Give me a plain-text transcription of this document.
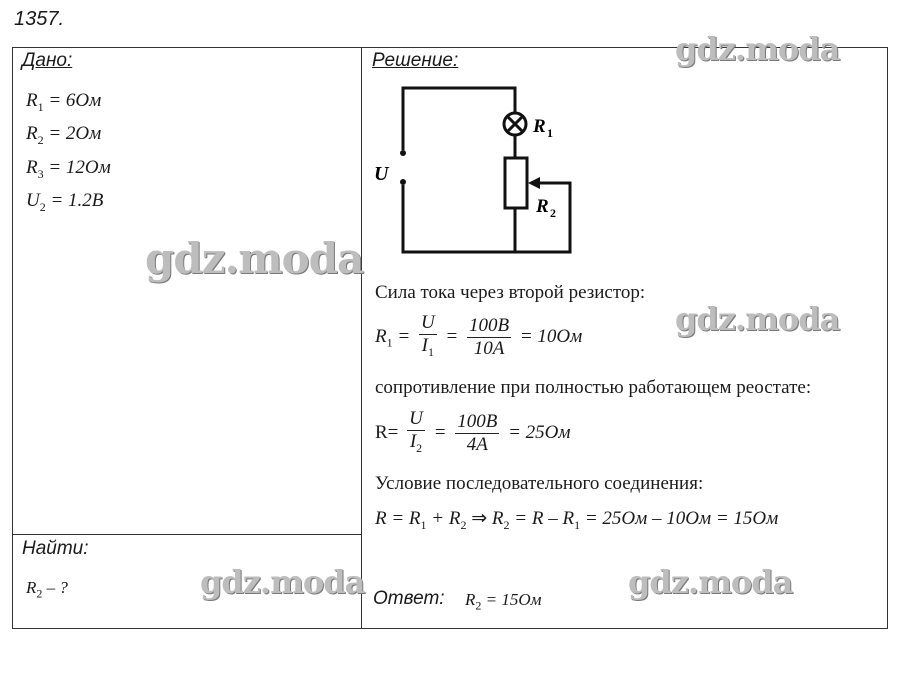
1357.
Дано:
$R_1 = 6Ом$
$R_2 = 2Ом$
$R_3 = 12Ом$
$U_2 = 1.2B$
Найти:
$R_2$ – ?
Решение:
U
R 1
R 2
Сила тока через второй резистор:
$R_1 = \frac{U}{I_1} = \frac{100B}{10A} = 10Ом$
сопротивление при полностью работающем реостате:
$R= \frac{U}{I_2} = \frac{100B}{4A} = 25Ом$
Условие последовательного соединения:
$R = R_1 + R_2$ ⇒ $R_2 = R - R_1 = 25Ом - 10Ом = 15Ом$
Ответ: $R_2 = 15Ом$
gdz.moda
gdz.moda
gdz.moda
gdz.moda	gdz.moda
